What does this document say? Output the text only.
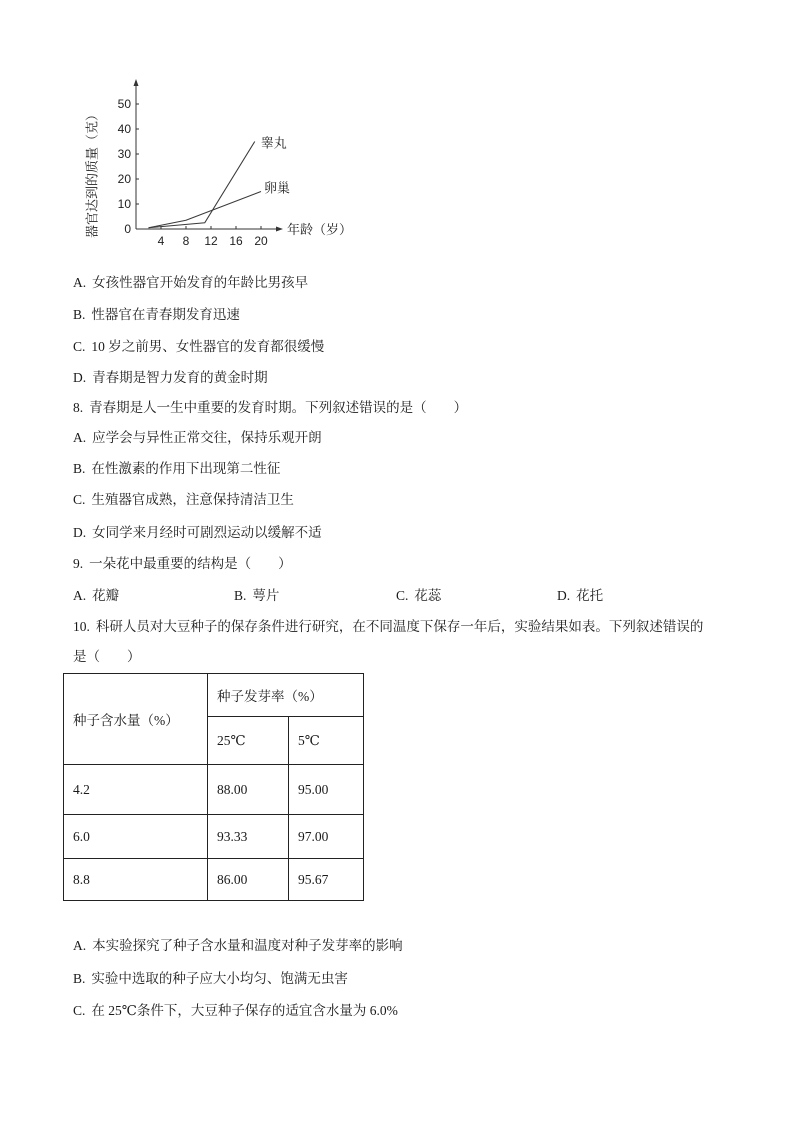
年龄（岁）
器官达到的质量（克） 0
10
20
30
40
50
4 8 12 16 20
睾丸
卵巢
A. 女孩性器官开始发育的年龄比男孩早
B. 性器官在青春期发育迅速
C. 10 岁之前男、女性器官的发育都很缓慢
D. 青春期是智力发育的黄金时期
8. 青春期是人一生中重要的发育时期。下列叙述错误的是（　　）
A. 应学会与异性正常交往，保持乐观开朗
B. 在性激素的作用下出现第二性征
C. 生殖器官成熟，注意保持清洁卫生
D. 女同学来月经时可剧烈运动以缓解不适
9. 一朵花中最重要的结构是（　　）
A. 花瓣	B. 萼片	C. 花蕊	D. 花托
10. 科研人员对大豆种子的保存条件进行研究，在不同温度下保存一年后，实验结果如表。下列叙述错误的
是（　　）
种子含水量（%）	种子发芽率（%）	
	25℃	5℃
4.2	88.00	95.00
6.0	93.33	97.00
8.8	86.00	95.67
A. 本实验探究了种子含水量和温度对种子发芽率的影响
B. 实验中选取的种子应大小均匀、饱满无虫害
C. 在 25℃条件下，大豆种子保存的适宜含水量为 6.0%
